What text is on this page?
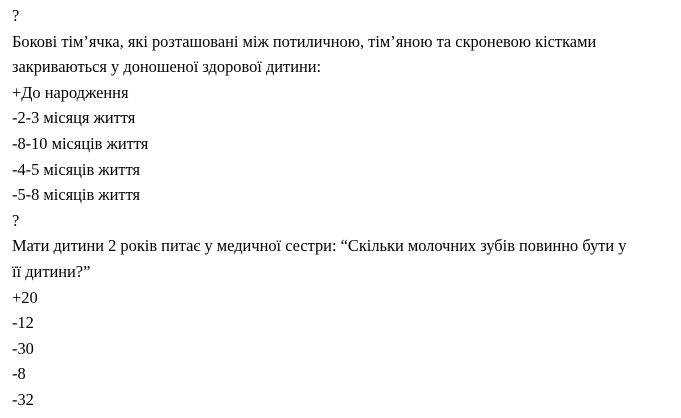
?

Бокові тім’ячка, які розташовані між потиличною, тім’яною та скроневою кістками

закриваються у доношеної здорової дитини:

+До народження

-2-3 місяця життя

-8-10 місяців життя

-4-5 місяців життя

-5-8 місяців життя

?

Мати дитини 2 років питає у медичної сестри: “Скільки молочних зубів повинно бути у

її дитини?”

+20

-12

-30

-8

-32
